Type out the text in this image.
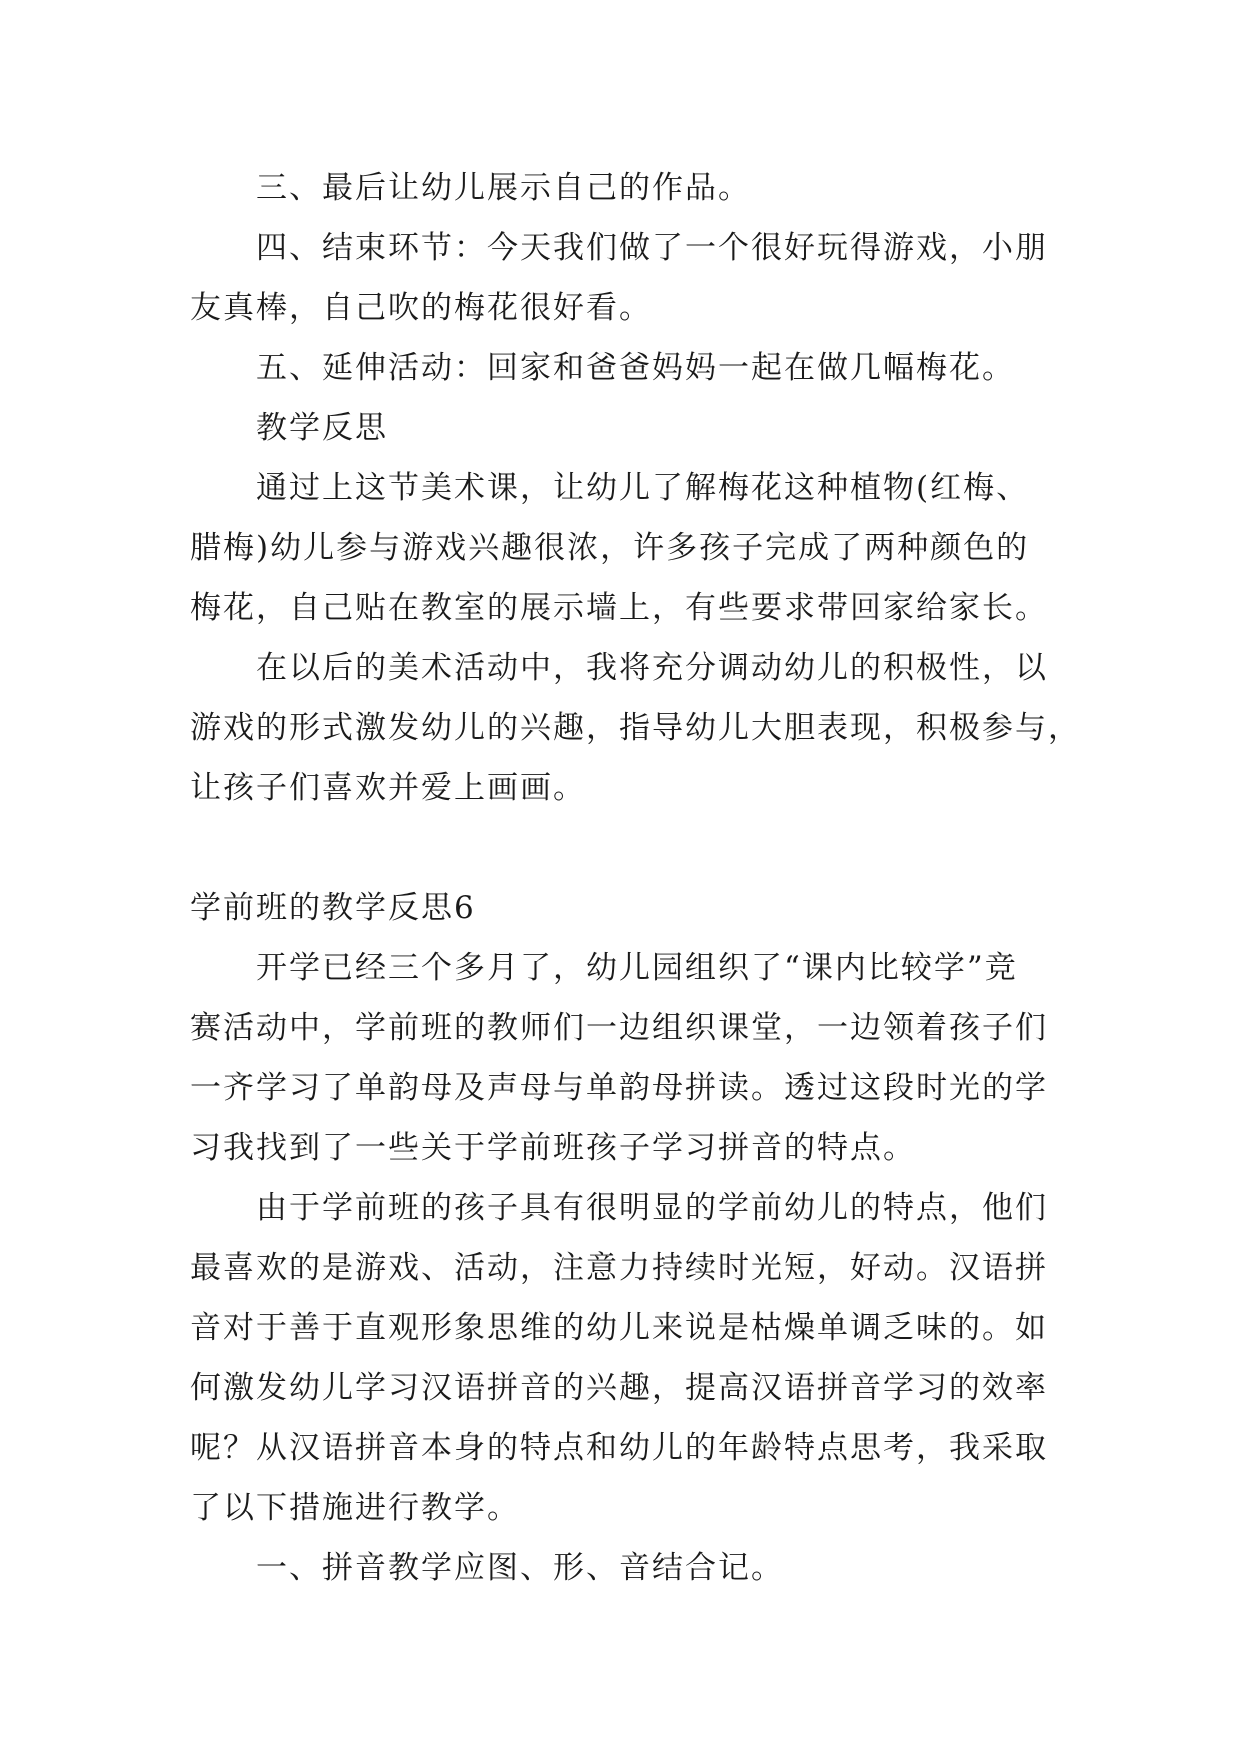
三、最后让幼儿展示自己的作品。
四、结束环节：今天我们做了一个很好玩得游戏，小朋
友真棒，自己吹的梅花很好看。
五、延伸活动：回家和爸爸妈妈一起在做几幅梅花。
教学反思
通过上这节美术课，让幼儿了解梅花这种植物(红梅、
腊梅)幼儿参与游戏兴趣很浓，许多孩子完成了两种颜色的
梅花，自己贴在教室的展示墙上，有些要求带回家给家长。
在以后的美术活动中，我将充分调动幼儿的积极性，以
游戏的形式激发幼儿的兴趣，指导幼儿大胆表现，积极参与，
让孩子们喜欢并爱上画画。
学前班的教学反思6
开学已经三个多月了，幼儿园组织了“课内比较学”竞
赛活动中，学前班的教师们一边组织课堂，一边领着孩子们
一齐学习了单韵母及声母与单韵母拼读。透过这段时光的学
习我找到了一些关于学前班孩子学习拼音的特点。
由于学前班的孩子具有很明显的学前幼儿的特点，他们
最喜欢的是游戏、活动，注意力持续时光短，好动。汉语拼
音对于善于直观形象思维的幼儿来说是枯燥单调乏味的。如
何激发幼儿学习汉语拼音的兴趣，提高汉语拼音学习的效率
呢？从汉语拼音本身的特点和幼儿的年龄特点思考，我采取
了以下措施进行教学。
一、拼音教学应图、形、音结合记。
